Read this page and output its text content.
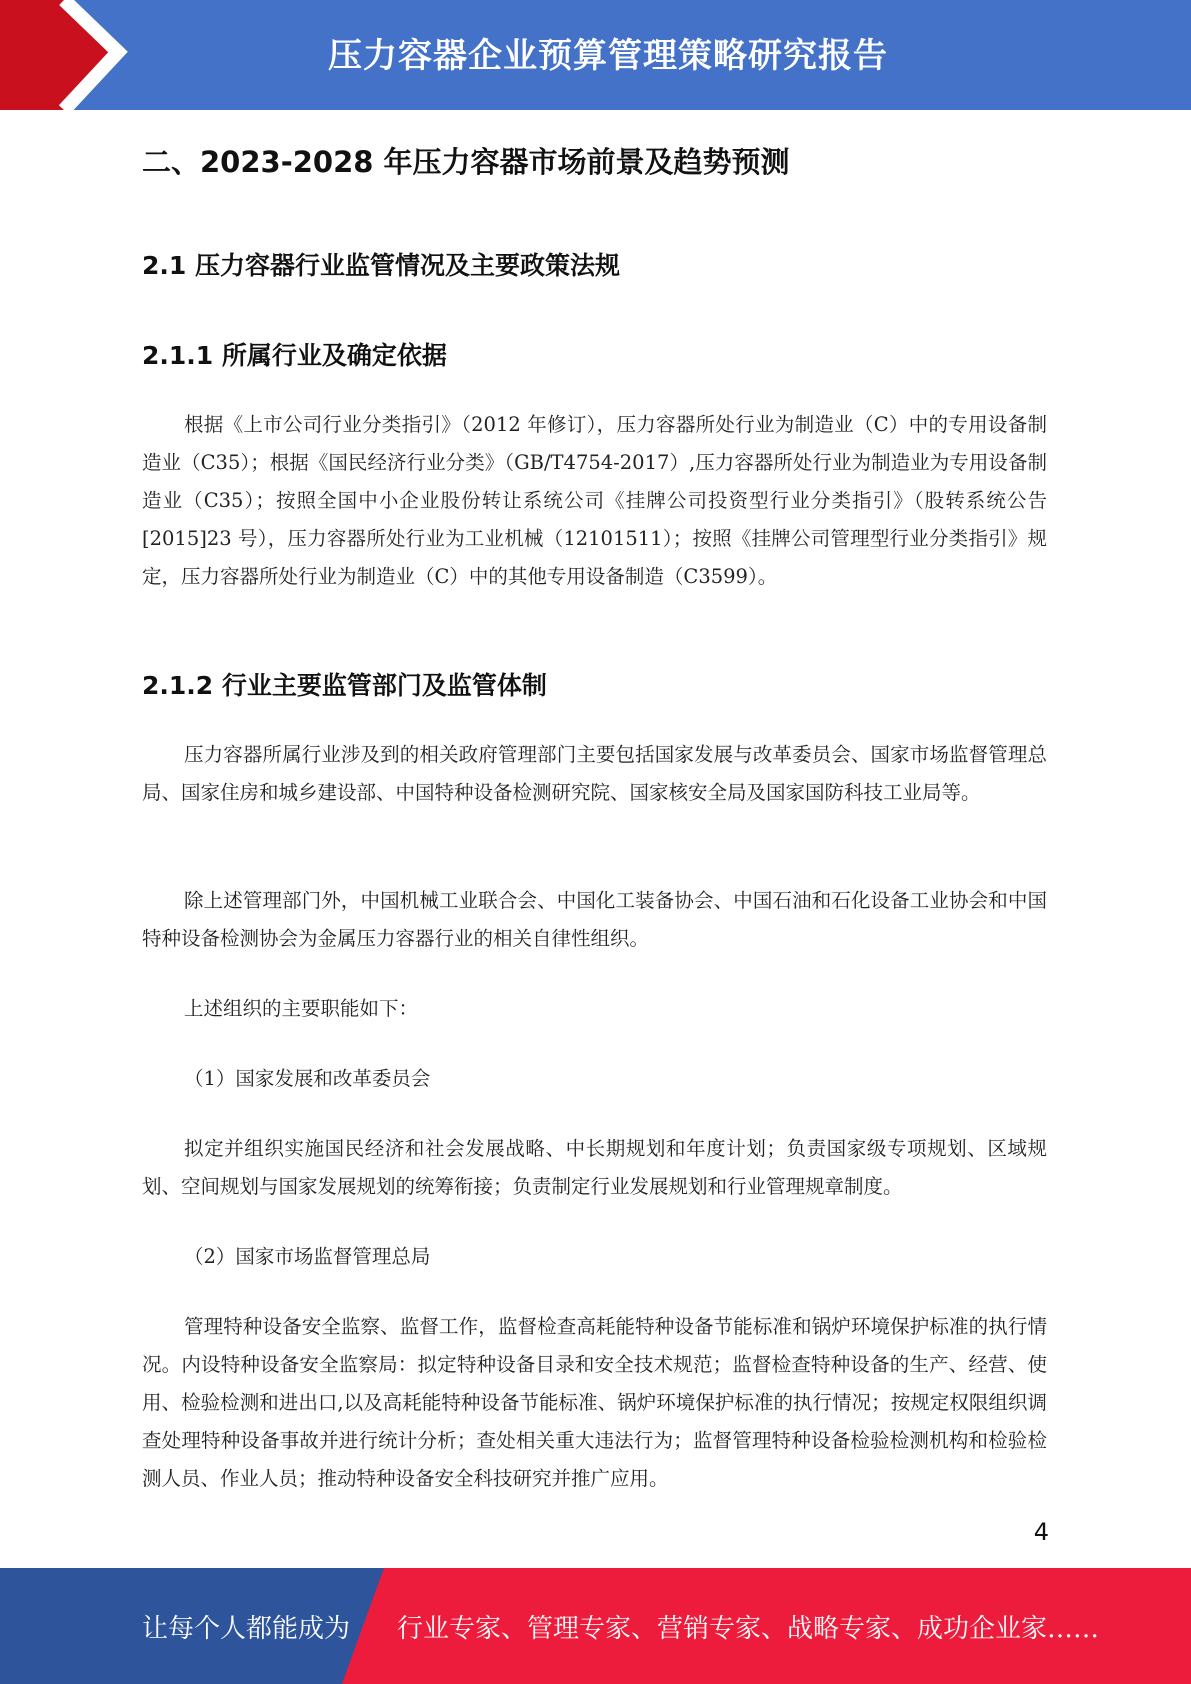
压力容器企业预算管理策略研究报告
二、2023-2028 年压力容器市场前景及趋势预测
2.1 压力容器行业监管情况及主要政策法规
2.1.1 所属行业及确定依据

根据《上市公司行业分类指引》（2012 年修订），压力容器所处行业为制造业（C）中的专用设备制造业（C35）；根据《国民经济行业分类》（GB/T4754-2017）,压力容器所处行业为制造业为专用设备制造业（C35）；按照全国中小企业股份转让系统公司《挂牌公司投资型行业分类指引》（股转系统公告[2015]23 号），压力容器所处行业为工业机械（12101511）；按照《挂牌公司管理型行业分类指引》规定，压力容器所处行业为制造业（C）中的其他专用设备制造（C3599）。

2.1.2 行业主要监管部门及监管体制

压力容器所属行业涉及到的相关政府管理部门主要包括国家发展与改革委员会、国家市场监督管理总局、国家住房和城乡建设部、中国特种设备检测研究院、国家核安全局及国家国防科技工业局等。

除上述管理部门外，中国机械工业联合会、中国化工装备协会、中国石油和石化设备工业协会和中国特种设备检测协会为金属压力容器行业的相关自律性组织。

上述组织的主要职能如下：

（1）国家发展和改革委员会

拟定并组织实施国民经济和社会发展战略、中长期规划和年度计划；负责国家级专项规划、区域规划、空间规划与国家发展规划的统筹衔接；负责制定行业发展规划和行业管理规章制度。

（2）国家市场监督管理总局

管理特种设备安全监察、监督工作，监督检查高耗能特种设备节能标准和锅炉环境保护标准的执行情况。内设特种设备安全监察局：拟定特种设备目录和安全技术规范；监督检查特种设备的生产、经营、使用、检验检测和进出口,以及高耗能特种设备节能标准、锅炉环境保护标准的执行情况；按规定权限组织调查处理特种设备事故并进行统计分析；查处相关重大违法行为；监督管理特种设备检验检测机构和检验检测人员、作业人员；推动特种设备安全科技研究并推广应用。

4
让每个人都能成为 行业专家、管理专家、营销专家、战略专家、成功企业家……
